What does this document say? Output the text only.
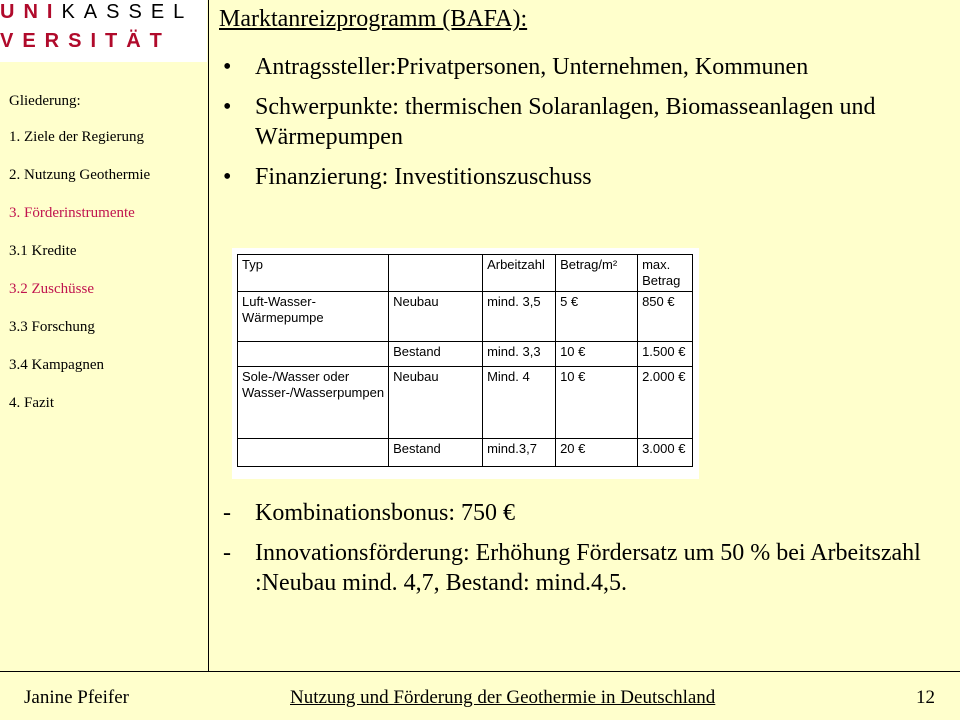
UNIKASSEL
VERSITÄT
Gliederung:
1. Ziele der Regierung
2. Nutzung Geothermie
3. Förderinstrumente
3.1 Kredite
3.2 Zuschüsse
3.3 Forschung
3.4 Kampagnen
4. Fazit
Marktanreizprogramm (BAFA):
• Antragssteller:Privatpersonen, Unternehmen, Kommunen
• Schwerpunkte: thermischen Solaranlagen, Biomasseanlagen und Wärmepumpen
• Finanzierung: Investitionszuschuss
- Kombinationsbonus: 750 €
- Innovationsförderung: Erhöhung Fördersatz um 50 % bei Arbeitszahl :Neubau mind. 4,7, Bestand: mind.4,5.
Typ		Arbeitzahl	Betrag/m²	max. Betrag
Luft-Wasser-Wärmepumpe	Neubau	mind. 3,5	5 €	850 €
	Bestand	mind. 3,3	10 €	1.500 €
Sole-/Wasser oder Wasser-/Wasserpumpen	Neubau	Mind. 4	10 €	2.000 €
	Bestand	mind.3,7	20 €	3.000 €
Janine Pfeifer	Nutzung und Förderung der Geothermie in Deutschland	12
